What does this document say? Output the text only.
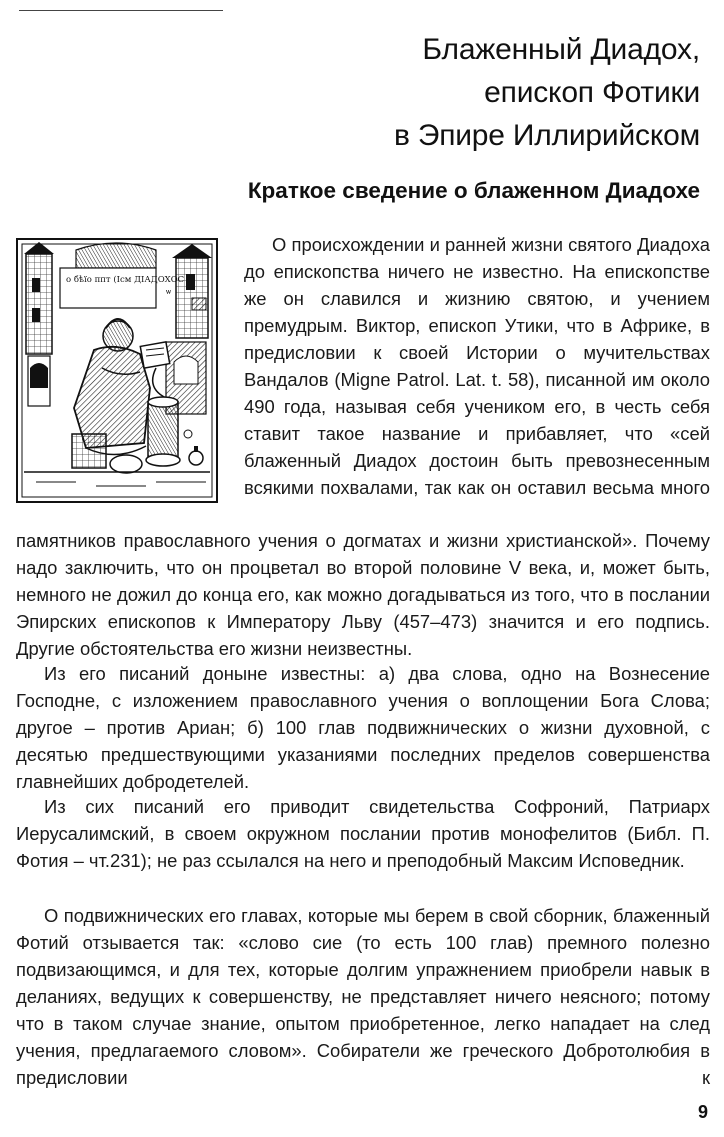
Блаженный Диадох,
епископ Фотики
в Эпире Иллирийском
Краткое сведение о блаженном Диадохе
о бѣїо ппт (Ісм ДІАДОХОС
ѡ

О происхождении и ранней жизни святого Диадоха до епископства ничего не известно. На епископстве же он славился и жизнию святою, и учением премудрым. Виктор, епископ Утики, что в Африке, в предисловии к своей Истории о мучительствах Вандалов (Migne Patrol. Lat. t. 58), писанной им около 490 года, называя себя учеником его, в честь себя ставит такое название и прибавляет, что «сей блаженный Диадох достоин быть превознесенным всякими похвалами, так как он оставил весьма много

памятников православного учения о догматах и жизни христианской». Почему надо заключить, что он процветал во второй половине V века, и, может быть, немного не дожил до конца его, как можно догадываться из того, что в послании Эпирских епископов к Императору Льву (457–473) значится и его подпись. Другие обстоятельства его жизни неизвестны.

Из его писаний доныне известны: а) два слова, одно на Вознесение Господне, с изложением православного учения о воплощении Бога Слова; другое – против Ариан; б) 100 глав подвижнических о жизни духовной, с десятью предшествующими указаниями последних пределов совершенства главнейших добродетелей.

Из сих писаний его приводит свидетельства Софроний, Патриарх Иерусалимский, в своем окружном послании против монофелитов (Библ. П. Фотия – чт.231); не раз ссылался на него и преподобный Максим Исповедник.

О подвижнических его главах, которые мы берем в свой сборник, блаженный Фотий отзывается так: «слово сие (то есть 100 глав) премного полезно подвизающимся, и для тех, которые долгим упражнением приобрели навык в деланиях, ведущих к совершенству, не представляет ничего неясного; потому что в таком случае знание, опытом приобретенное, легко нападает на след учения, предлагаемого словом». Собиратели же греческого Добротолюбия в предисловии к

9
